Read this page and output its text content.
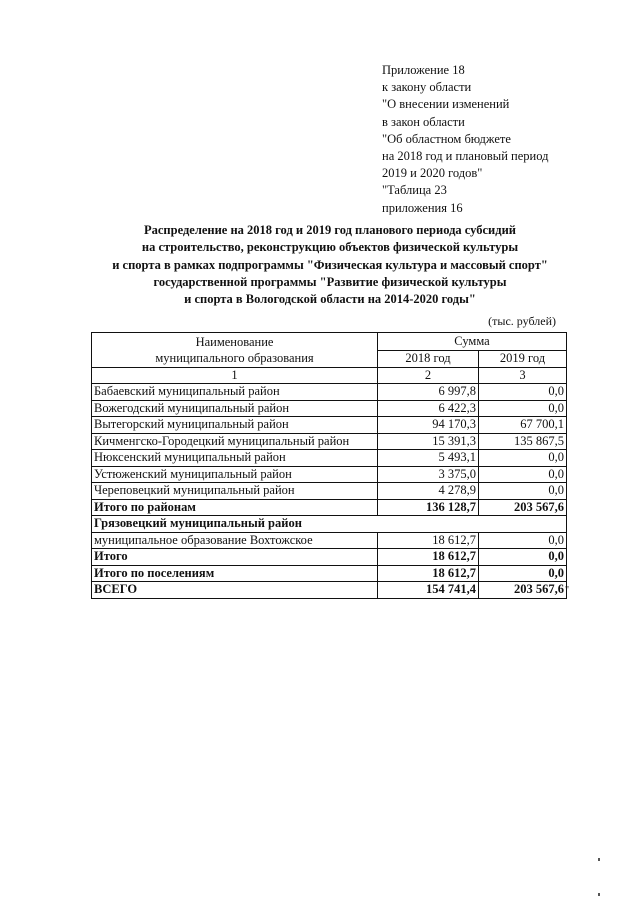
Приложение 18
к закону области
"О внесении изменений
в закон области
"Об областном бюджете
на 2018 год и плановый период
2019 и 2020 годов"
"Таблица 23
приложения 16
Распределение на 2018 год и 2019 год планового периода субсидий
на строительство, реконструкцию объектов физической культуры
и спорта в рамках подпрограммы "Физическая культура и массовый спорт"
государственной программы "Развитие физической культуры
и спорта в Вологодской области на 2014-2020 годы"
(тыс. рублей)
Наименование
муниципального образования	Сумма	
	2018 год	2019 год
1	2	3
Бабаевский муниципальный район	6 997,8	0,0
Вожегодский муниципальный район	6 422,3	0,0
Вытегорский муниципальный район	94 170,3	67 700,1
Кичменгско-Городецкий муниципальный район	15 391,3	135 867,5
Нюксенский муниципальный район	5 493,1	0,0
Устюженский муниципальный район	3 375,0	0,0
Череповецкий муниципальный район	4 278,9	0,0
Итого по районам	136 128,7	203 567,6
Грязовецкий муниципальный район		
муниципальное образование Вохтожское	18 612,7	0,0
Итого	18 612,7	0,0
Итого по поселениям	18 612,7	0,0
ВСЕГО	154 741,4	203 567,6 "
